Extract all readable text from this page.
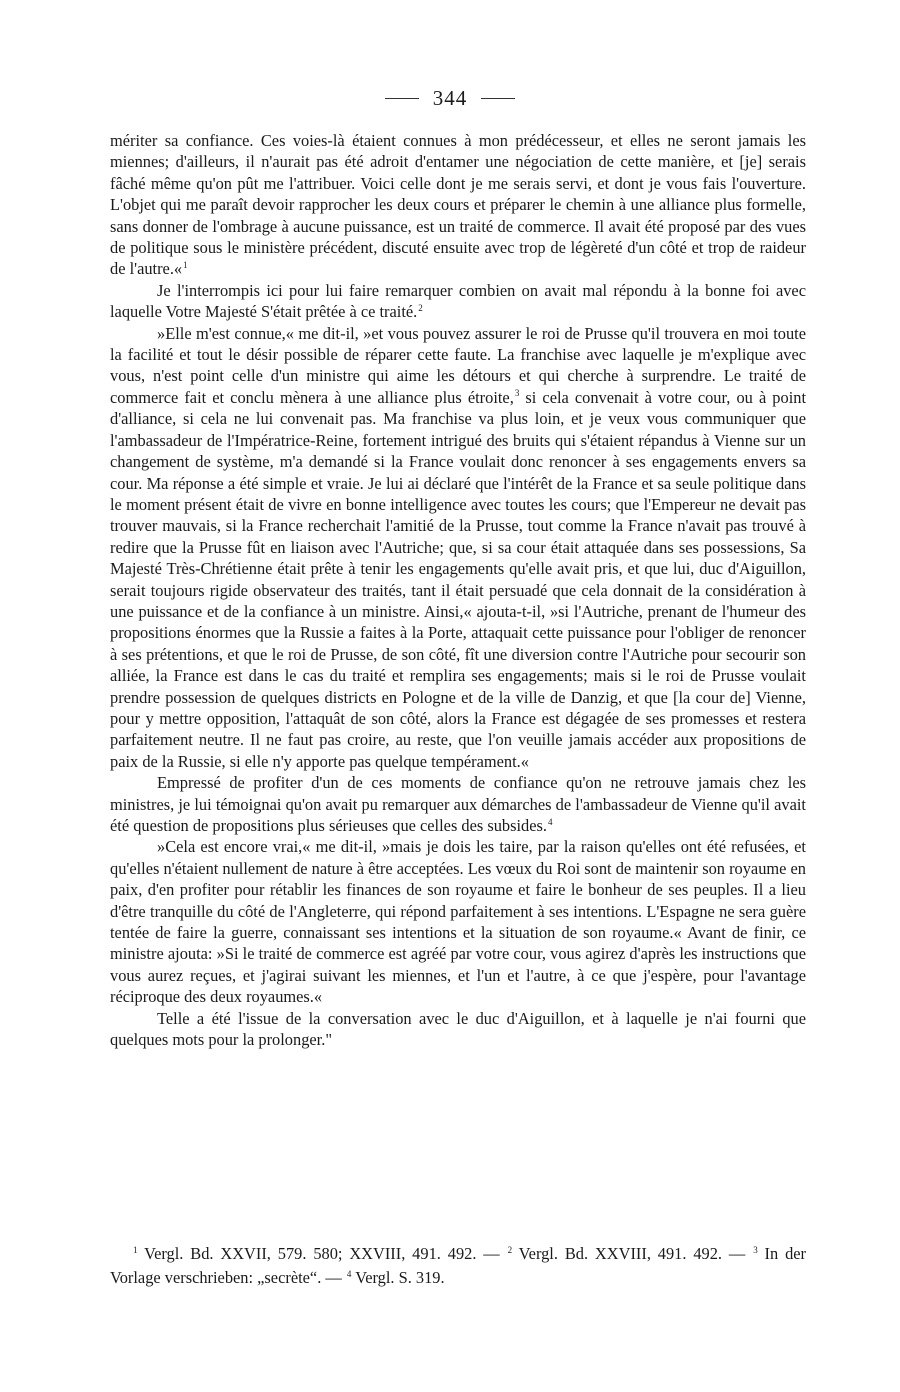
344

mériter sa confiance. Ces voies-là étaient connues à mon prédécesseur, et elles ne seront jamais les miennes; d'ailleurs, il n'aurait pas été adroit d'entamer une négociation de cette manière, et [je] serais fâché même qu'on pût me l'attribuer. Voici celle dont je me serais servi, et dont je vous fais l'ouverture. L'objet qui me paraît devoir rapprocher les deux cours et préparer le chemin à une alliance plus formelle, sans donner de l'ombrage à aucune puissance, est un traité de commerce. Il avait été proposé par des vues de politique sous le ministère précédent, discuté ensuite avec trop de légèreté d'un côté et trop de raideur de l'autre.«$^1$

Je l'interrompis ici pour lui faire remarquer combien on avait mal répondu à la bonne foi avec laquelle Votre Majesté S'était prêtée à ce traité.$^2$

»Elle m'est connue,« me dit-il, »et vous pouvez assurer le roi de Prusse qu'il trouvera en moi toute la facilité et tout le désir possible de réparer cette faute. La franchise avec laquelle je m'explique avec vous, n'est point celle d'un ministre qui aime les détours et qui cherche à surprendre. Le traité de commerce fait et conclu mènera à une alliance plus étroite,$^3$ si cela convenait à votre cour, ou à point d'alliance, si cela ne lui convenait pas. Ma franchise va plus loin, et je veux vous communiquer que l'ambassadeur de l'Impératrice-Reine, fortement intrigué des bruits qui s'étaient répandus à Vienne sur un changement de système, m'a demandé si la France voulait donc renoncer à ses engagements envers sa cour. Ma réponse a été simple et vraie. Je lui ai déclaré que l'intérêt de la France et sa seule politique dans le moment présent était de vivre en bonne intelligence avec toutes les cours; que l'Empereur ne devait pas trouver mauvais, si la France recherchait l'amitié de la Prusse, tout comme la France n'avait pas trouvé à redire que la Prusse fût en liaison avec l'Autriche; que, si sa cour était attaquée dans ses possessions, Sa Majesté Très-Chrétienne était prête à tenir les engagements qu'elle avait pris, et que lui, duc d'Aiguillon, serait toujours rigide observateur des traités, tant il était persuadé que cela donnait de la considération à une puissance et de la confiance à un ministre. Ainsi,« ajouta-t-il, »si l'Autriche, prenant de l'humeur des propositions énormes que la Russie a faites à la Porte, attaquait cette puissance pour l'obliger de renoncer à ses prétentions, et que le roi de Prusse, de son côté, fît une diversion contre l'Autriche pour secourir son alliée, la France est dans le cas du traité et remplira ses engagements; mais si le roi de Prusse voulait prendre possession de quelques districts en Pologne et de la ville de Danzig, et que [la cour de] Vienne, pour y mettre opposition, l'attaquât de son côté, alors la France est dégagée de ses promesses et restera parfaitement neutre. Il ne faut pas croire, au reste, que l'on veuille jamais accéder aux propositions de paix de la Russie, si elle n'y apporte pas quelque tempérament.«

Empressé de profiter d'un de ces moments de confiance qu'on ne retrouve jamais chez les ministres, je lui témoignai qu'on avait pu remarquer aux démarches de l'ambassadeur de Vienne qu'il avait été question de propositions plus sérieuses que celles des subsides.$^4$

»Cela est encore vrai,« me dit-il, »mais je dois les taire, par la raison qu'elles ont été refusées, et qu'elles n'étaient nullement de nature à être acceptées. Les vœux du Roi sont de maintenir son royaume en paix, d'en profiter pour rétablir les finances de son royaume et faire le bonheur de ses peuples. Il a lieu d'être tranquille du côté de l'Angleterre, qui répond parfaitement à ses intentions. L'Espagne ne sera guère tentée de faire la guerre, connaissant ses intentions et la situation de son royaume.« Avant de finir, ce ministre ajouta: »Si le traité de commerce est agréé par votre cour, vous agirez d'après les instructions que vous aurez reçues, et j'agirai suivant les miennes, et l'un et l'autre, à ce que j'espère, pour l'avantage réciproque des deux royaumes.«

Telle a été l'issue de la conversation avec le duc d'Aiguillon, et à laquelle je n'ai fourni que quelques mots pour la prolonger."

$^1$ Vergl. Bd. XXVII, 579. 580; XXVIII, 491. 492. — $^2$ Vergl. Bd. XXVIII, 491. 492. — $^3$ In der Vorlage verschrieben: „secrète“. — $^4$ Vergl. S. 319.
